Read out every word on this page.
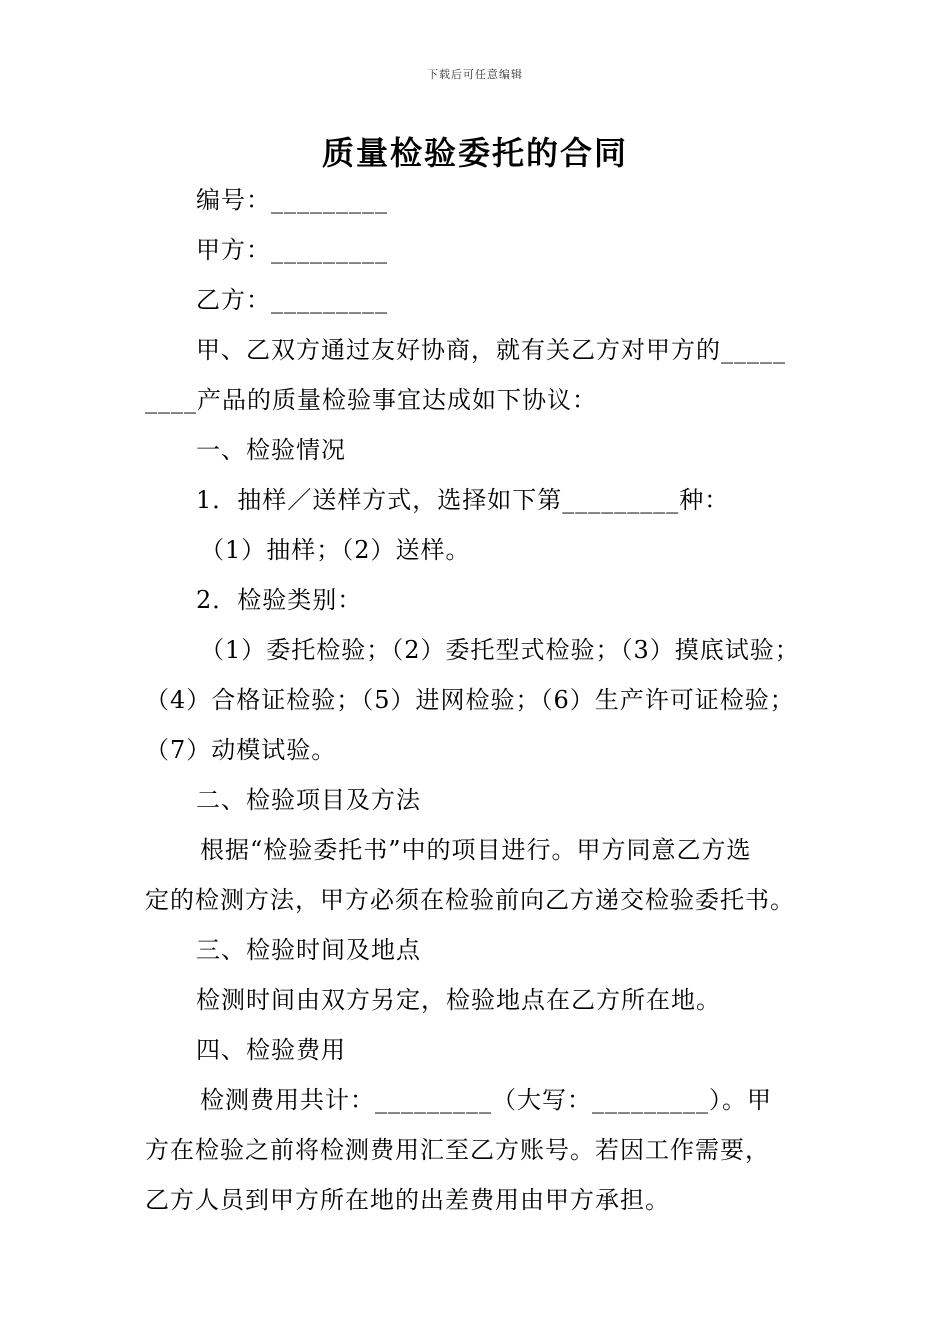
下载后可任意编辑
质量检验委托的合同
编号：_________
甲方：_________
乙方：_________
甲、乙双方通过友好协商，就有关乙方对甲方的_____
____产品的质量检验事宜达成如下协议：
一、检验情况
1．抽样／送样方式，选择如下第_________种：
（1）抽样；（2）送样。
2．检验类别：
（1）委托检验；（2）委托型式检验；（3）摸底试验；
（4）合格证检验；（5）进网检验；（6）生产许可证检验；
（7）动模试验。
二、检验项目及方法
根据“检验委托书”中的项目进行。甲方同意乙方选
定的检测方法，甲方必须在检验前向乙方递交检验委托书。
三、检验时间及地点
检测时间由双方另定，检验地点在乙方所在地。
四、检验费用
检测费用共计：_________（大写：_________）。甲
方在检验之前将检测费用汇至乙方账号。若因工作需要，
乙方人员到甲方所在地的出差费用由甲方承担。
